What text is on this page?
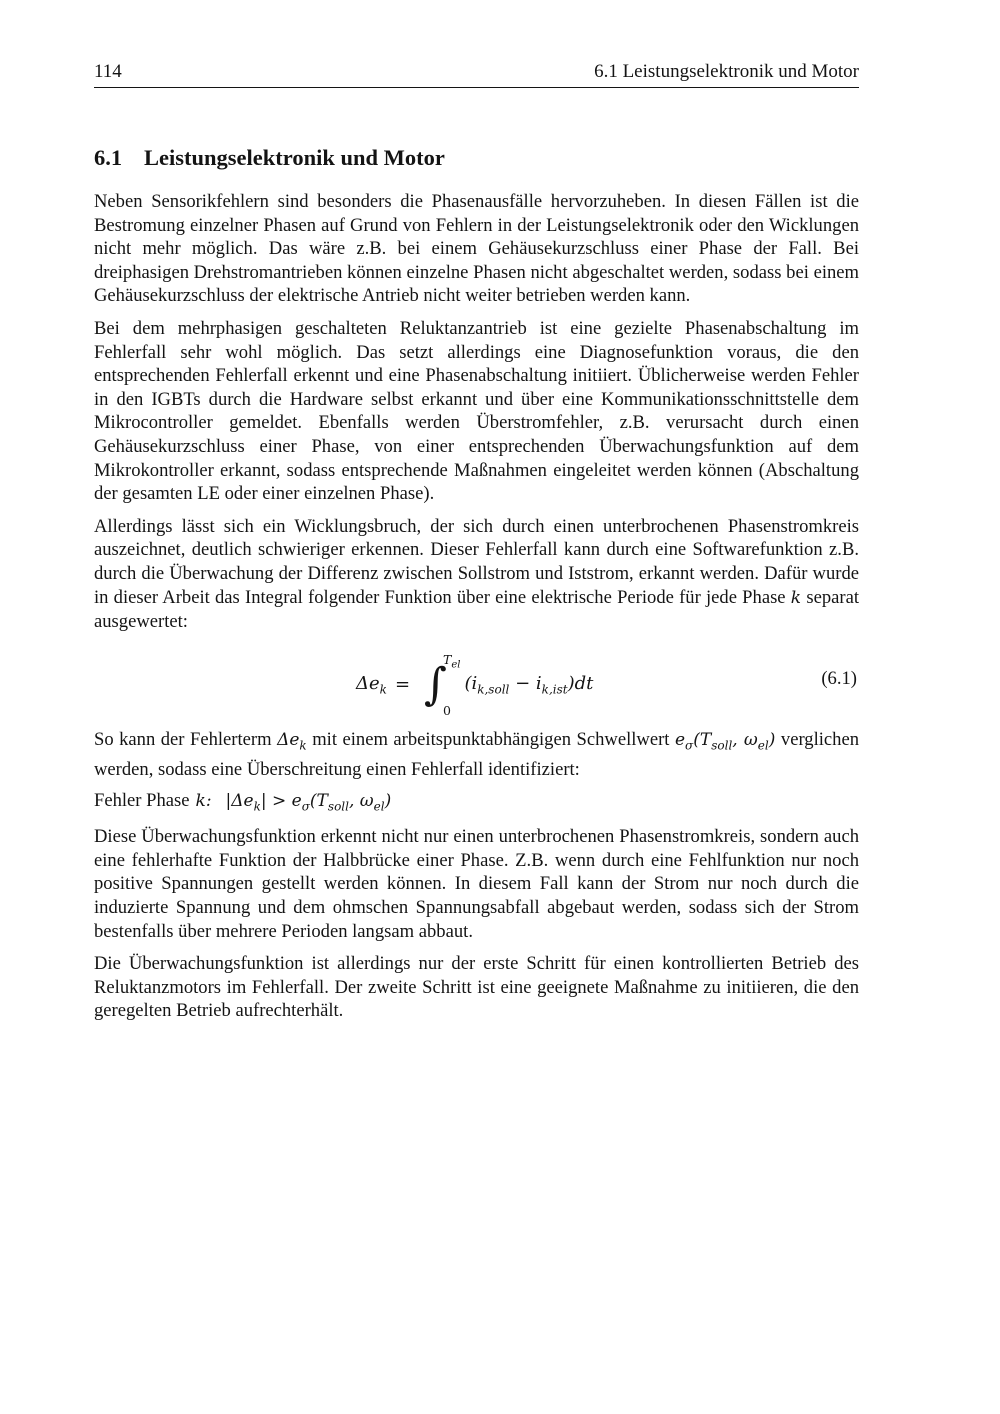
114	6.1 Leistungselektronik und Motor
6.1 Leistungselektronik und Motor

Neben Sensorikfehlern sind besonders die Phasenausfälle hervorzuheben. In diesen Fällen ist die Bestromung einzelner Phasen auf Grund von Fehlern in der Leistungselektronik oder den Wicklungen nicht mehr möglich. Das wäre z.B. bei einem Gehäusekurzschluss einer Phase der Fall. Bei dreiphasigen Drehstromantrieben können einzelne Phasen nicht abgeschaltet werden, sodass bei einem Gehäusekurzschluss der elektrische Antrieb nicht weiter betrieben werden kann.

Bei dem mehrphasigen geschalteten Reluktanzantrieb ist eine gezielte Phasenabschaltung im Fehlerfall sehr wohl möglich. Das setzt allerdings eine Diagnosefunktion voraus, die den entsprechenden Fehlerfall erkennt und eine Phasenabschaltung initiiert. Üblicherweise werden Fehler in den IGBTs durch die Hardware selbst erkannt und über eine Kommunikationsschnittstelle dem Mikrocontroller gemeldet. Ebenfalls werden Überstromfehler, z.B. verursacht durch einen Gehäusekurzschluss einer Phase, von einer entsprechenden Überwachungsfunktion auf dem Mikrokontroller erkannt, sodass entsprechende Maßnahmen eingeleitet werden können (Abschaltung der gesamten LE oder einer einzelnen Phase).

Allerdings lässt sich ein Wicklungsbruch, der sich durch einen unterbrochenen Phasenstromkreis auszeichnet, deutlich schwieriger erkennen. Dieser Fehlerfall kann durch eine Softwarefunktion z.B. durch die Überwachung der Differenz zwischen Sollstrom und Iststrom, erkannt werden. Dafür wurde in dieser Arbeit das Integral folgender Funktion über eine elektrische Periode für jede Phase k separat ausgewertet:

$\Delta e_k$ = ∫
$T_{el}$
0
$(i_{k,soll} - i_{k,ist})dt$	(6.1)

So kann der Fehlerterm $\Delta e_k$ mit einem arbeitspunktabhängigen Schwellwert $e_\sigma(T_{soll}$, $\omega_{el}$) verglichen werden, sodass eine Überschreitung einen Fehlerfall identifiziert:

Fehler Phase k: $|\Delta e_k| > e_\sigma(T_{soll}$, $\omega_{el}$)

Diese Überwachungsfunktion erkennt nicht nur einen unterbrochenen Phasenstromkreis, sondern auch eine fehlerhafte Funktion der Halbbrücke einer Phase. Z.B. wenn durch eine Fehlfunktion nur noch positive Spannungen gestellt werden können. In diesem Fall kann der Strom nur noch durch die induzierte Spannung und dem ohmschen Spannungsabfall abgebaut werden, sodass sich der Strom bestenfalls über mehrere Perioden langsam abbaut.

Die Überwachungsfunktion ist allerdings nur der erste Schritt für einen kontrollierten Betrieb des Reluktanzmotors im Fehlerfall. Der zweite Schritt ist eine geeignete Maßnahme zu initiieren, die den geregelten Betrieb aufrechterhält.
